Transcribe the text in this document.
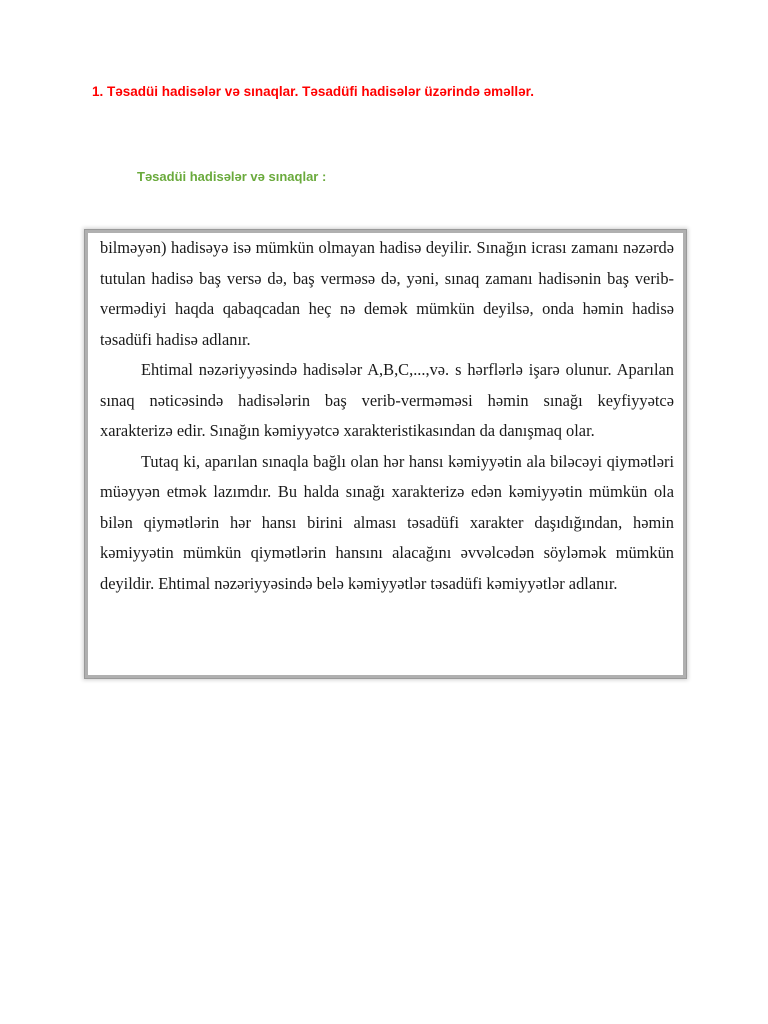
1. Təsadüi hadisələr və sınaqlar. Təsadüfi hadisələr üzərində əməllər.
Təsadüi hadisələr və sınaqlar :

bilməyən) hadisəyə isə mümkün olmayan hadisə deyilir. Sınağın icrası zamanı nəzərdə tutulan hadisə baş versə də, baş verməsə də, yəni, sınaq zamanı hadisənin baş verib-vermədiyi haqda qabaqcadan heç nə demək mümkün deyilsə, onda həmin hadisə təsadüfi hadisə adlanır.

Ehtimal nəzəriyyəsində hadisələr A,B,C,...,və. s hərflərlə işarə olunur. Aparılan sınaq nəticəsində hadisələrin baş verib-verməməsi həmin sınağı keyfiyyətcə xarakterizə edir. Sınağın kəmiyyətcə xarakteristikasından da danışmaq olar.

Tutaq ki, aparılan sınaqla bağlı olan hər hansı kəmiyyətin ala biləcəyi qiymətləri müəyyən etmək lazımdır. Bu halda sınağı xarakterizə edən kəmiyyətin mümkün ola bilən qiymətlərin hər hansı birini alması təsadüfi xarakter daşıdığından, həmin kəmiyyətin mümkün qiymətlərin hansını alacağını əvvəlcədən söyləmək mümkün deyildir. Ehtimal nəzəriyyəsində belə kəmiyyətlər təsadüfi kəmiyyətlər adlanır.
